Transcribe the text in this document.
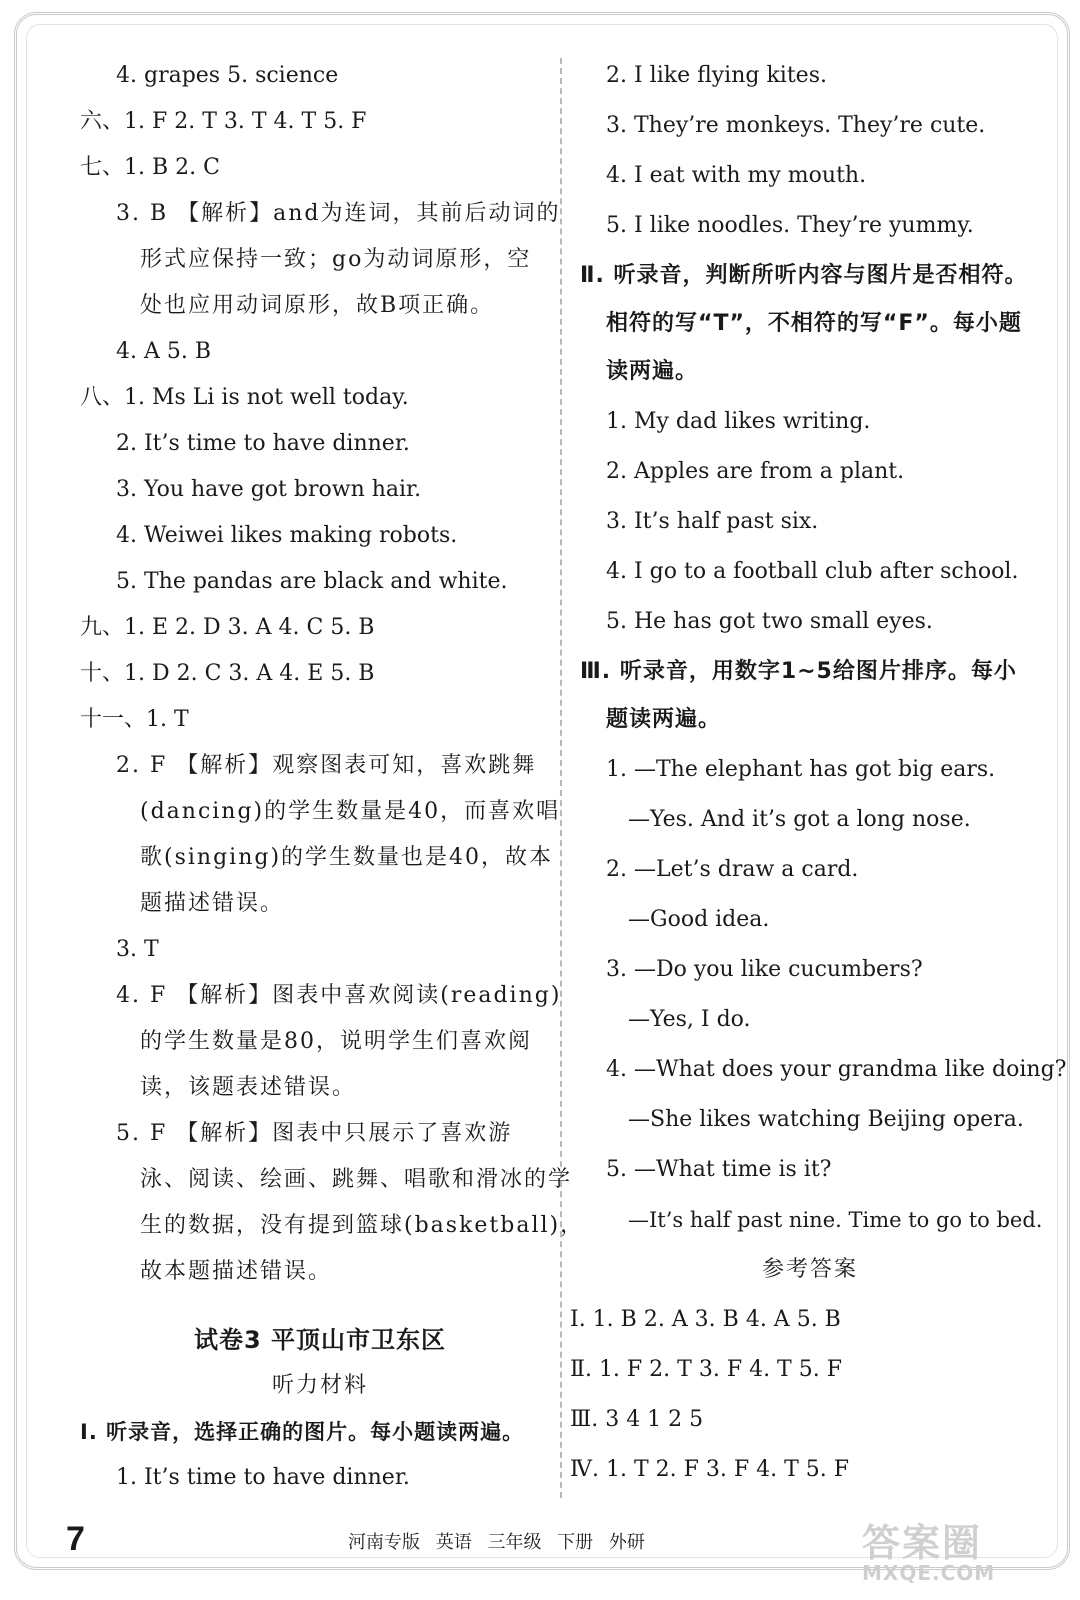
4. grapes 5. science
六、1. F 2. T 3. T 4. T 5. F
七、1. B 2. C
3. B 【解析】and为连词，其前后动词的
形式应保持一致；go为动词原形，空
处也应用动词原形，故B项正确。
4. A 5. B
八、1. Ms Li is not well today.
2. It’s time to have dinner.
3. You have got brown hair.
4. Weiwei likes making robots.
5. The pandas are black and white.
九、1. E 2. D 3. A 4. C 5. B
十、1. D 2. C 3. A 4. E 5. B
十一、1. T
2. F 【解析】观察图表可知，喜欢跳舞
(dancing)的学生数量是40，而喜欢唱
歌(singing)的学生数量也是40，故本
题描述错误。
3. T
4. F 【解析】图表中喜欢阅读(reading)
的学生数量是80，说明学生们喜欢阅
读，该题表述错误。
5. F 【解析】图表中只展示了喜欢游
泳、阅读、绘画、跳舞、唱歌和滑冰的学
生的数据，没有提到篮球(basketball)，
故本题描述错误。
试卷3 平顶山市卫东区
听力材料
Ⅰ. 听录音，选择正确的图片。每小题读两遍。
1. It’s time to have dinner.
2. I like flying kites.
3. They’re monkeys. They’re cute.
4. I eat with my mouth.
5. I like noodles. They’re yummy.
Ⅱ. 听录音，判断所听内容与图片是否相符。
相符的写“T”，不相符的写“F”。每小题
读两遍。
1. My dad likes writing.
2. Apples are from a plant.
3. It’s half past six.
4. I go to a football club after school.
5. He has got two small eyes.
Ⅲ. 听录音，用数字1~5给图片排序。每小
题读两遍。
1. —The elephant has got big ears.
—Yes. And it’s got a long nose.
2. —Let’s draw a card.
—Good idea.
3. —Do you like cucumbers?
—Yes, I do.
4. —What does your grandma like doing?
—She likes watching Beijing opera.
5. —What time is it?
—It’s half past nine. Time to go to bed.
参考答案
Ⅰ. 1. B 2. A 3. B 4. A 5. B
Ⅱ. 1. F 2. T 3. F 4. T 5. F
Ⅲ. 3 4 1 2 5
Ⅳ. 1. T 2. F 3. F 4. T 5. F
7	河南专版 英语 三年级 下册 外研	答案圈
MXQE.COM
